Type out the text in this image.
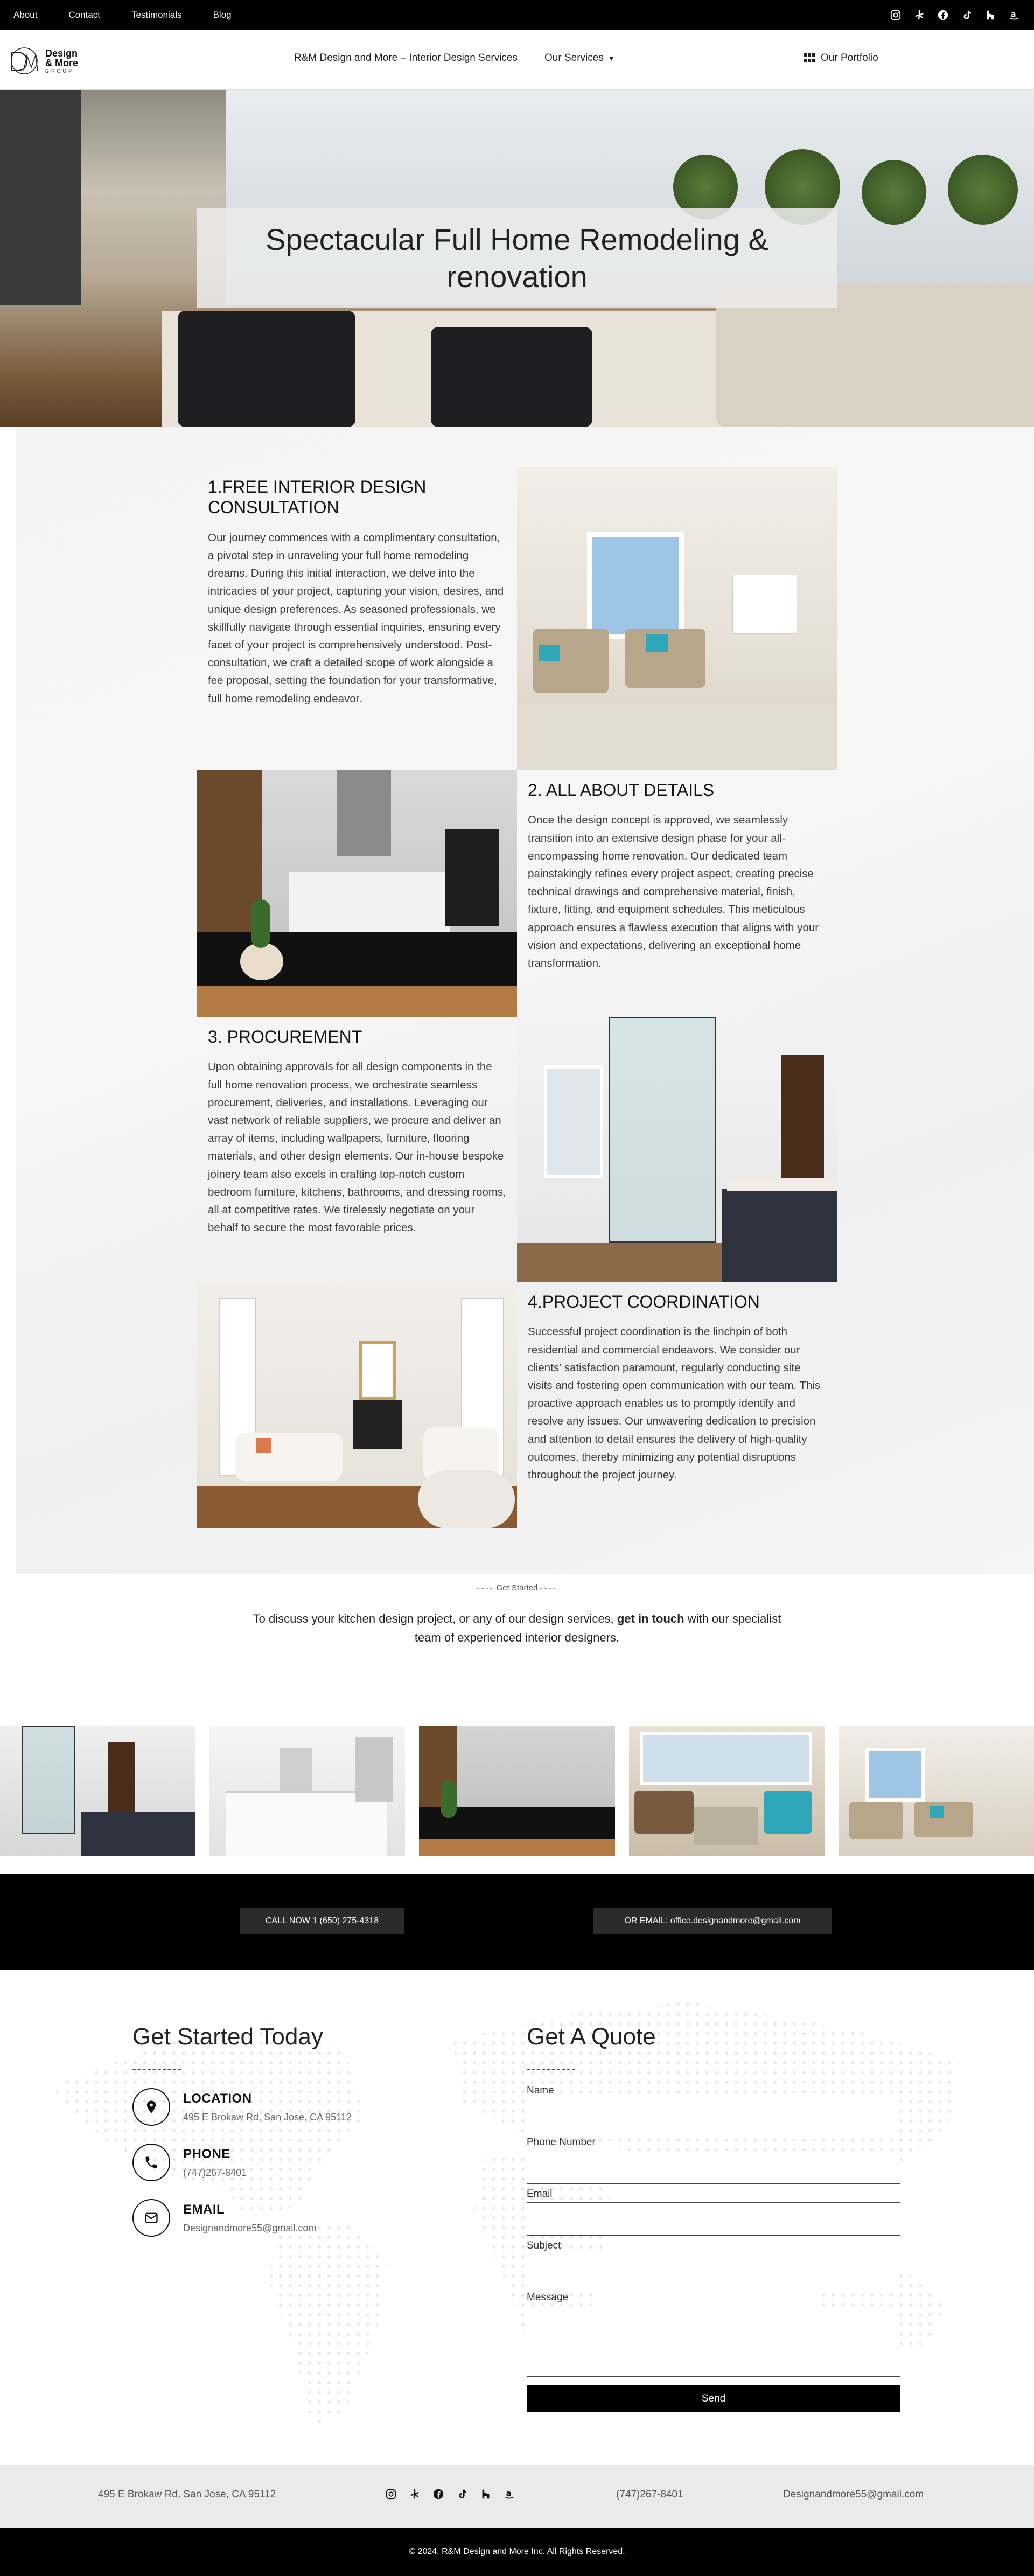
About	Contact	Testimonials	Blog	a
Design
& More
GROUP
R&M Design and More – Interior Design Services	Our Services ▼	Our Portfolio
Spectacular Full Home Remodeling & renovation
1.FREE INTERIOR DESIGN CONSULTATION

Our journey commences with a complimentary consultation, a pivotal step in unraveling your full home remodeling dreams. During this initial interaction, we delve into the intricacies of your project, capturing your vision, desires, and unique design preferences. As seasoned professionals, we skillfully navigate through essential inquiries, ensuring every facet of your project is comprehensively understood. Post-consultation, we craft a detailed scope of work alongside a fee proposal, setting the foundation for your transformative, full home remodeling endeavor.

2. ALL ABOUT DETAILS

Once the design concept is approved, we seamlessly transition into an extensive design phase for your all-encompassing home renovation. Our dedicated team painstakingly refines every project aspect, creating precise technical drawings and comprehensive material, finish, fixture, fitting, and equipment schedules. This meticulous approach ensures a flawless execution that aligns with your vision and expectations, delivering an exceptional home transformation.

3. PROCUREMENT

Upon obtaining approvals for all design components in the full home renovation process, we orchestrate seamless procurement, deliveries, and installations. Leveraging our vast network of reliable suppliers, we procure and deliver an array of items, including wallpapers, furniture, flooring materials, and other design elements. Our in-house bespoke joinery team also excels in crafting top-notch custom bedroom furniture, kitchens, bathrooms, and dressing rooms, all at competitive rates. We tirelessly negotiate on your behalf to secure the most favorable prices.

4.PROJECT COORDINATION

Successful project coordination is the linchpin of both residential and commercial endeavors. We consider our clients' satisfaction paramount, regularly conducting site visits and fostering open communication with our team. This proactive approach enables us to promptly identify and resolve any issues. Our unwavering dedication to precision and attention to detail ensures the delivery of high-quality outcomes, thereby minimizing any potential disruptions throughout the project journey.

---- Get Started ----
To discuss your kitchen design project, or any of our design services, get in touch with our specialist team of experienced interior designers.
CALL NOW 1 (650) 275-4318	OR EMAIL: office.designandmore@gmail.com
Get Started Today
LOCATION
495 E Brokaw Rd, San Jose, CA 95112
PHONE
(747)267-8401
EMAIL
Designandmore55@gmail.com
Get A Quote
Name
Phone Number
Email
Subject
Message
Send
495 E Brokaw Rd, San Jose, CA 95112	a	(747)267-8401	Designandmore55@gmail.com
© 2024, R&M Design and More Inc. All Rights Reserved.
